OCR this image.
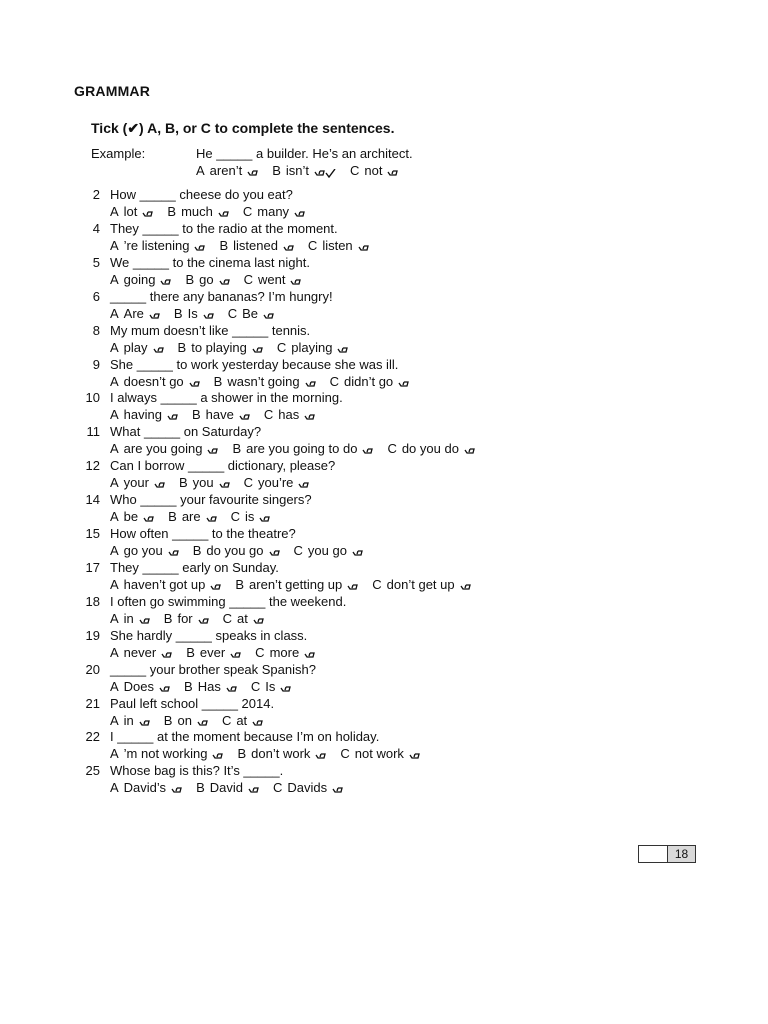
GRAMMAR
Tick (✔) A, B, or C to complete the sentences.
Example:	He _____ a builder. He’s an architect.
A aren’t B isn’t	C not
2 How _____ cheese do you eat?
A lot B much C many
4 They _____ to the radio at the moment.
A ’re listening B listened C listen
5 We _____ to the cinema last night.
A going B go C went
6 _____ there any bananas? I’m hungry!
A Are B Is C Be
8 My mum doesn’t like _____ tennis.
A play B to playing C playing
9 She _____ to work yesterday because she was ill.
A doesn’t go B wasn’t going C didn’t go
10 I always _____ a shower in the morning.
A having B have C has
11 What _____ on Saturday?
A are you going B are you going to do C do you do
12 Can I borrow _____ dictionary, please?
A your B you C you’re
14 Who _____ your favourite singers?
A be B are C is
15 How often _____ to the theatre?
A go you B do you go C you go
17 They _____ early on Sunday.
A haven’t got up B aren’t getting up C don’t get up
18 I often go swimming _____ the weekend.
A in B for C at
19 She hardly _____ speaks in class.
A never B ever C more
20 _____ your brother speak Spanish?
A Does B Has C Is
21 Paul left school _____ 2014.
A in B on C at
22 I _____ at the moment because I’m on holiday.
A ’m not working B don’t work C not work
25 Whose bag is this? It’s _____.
A David’s B David C Davids
18
